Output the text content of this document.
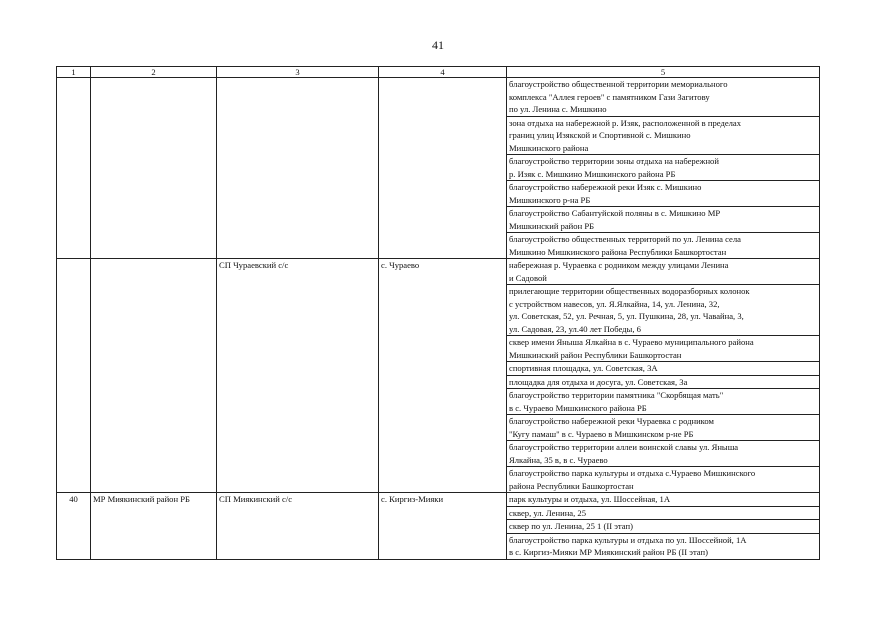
41
1	2	3	4	5

				благоустройство общественной территории мемориального
комплекса "Аллея героев" с памятником Гази Загитову
по ул. Ленина с. Мишкино

				зона отдыха на набережной р. Изяк, расположенной в пределах
границ улиц Изякской и Спортивной с. Мишкино
Мишкинского района

				благоустройство территории зоны отдыха на набережной
р. Изяк с. Мишкино Мишкинского района РБ

				благоустройство набережной реки Изяк с. Мишкино
Мишкинского р-на РБ

				благоустройство Сабантуйской поляны в с. Мишкино МР
Мишкинский район РБ

				благоустройство общественных территорий по ул. Ленина села
Мишкино Мишкинского района Республики Башкортостан

		СП Чураевский с/с	с. Чураево	набережная р. Чураевка с родником между улицами Ленина
и Садовой

				прилегающие территории общественных водоразборных колонок
с устройством навесов, ул. Я.Ялкайна, 14, ул. Ленина, 32,
ул. Советская, 52, ул. Речная, 5, ул. Пушкина, 28, ул. Чавайна, 3,
ул. Садовая, 23, ул.40 лет Победы, 6

				сквер имени Яныша Ялкайна в с. Чураево муниципального района
Мишкинский район Республики Башкортостан

				спортивная площадка, ул. Советская, 3А

				площадка для отдыха и досуга, ул. Советская, 3а

				благоустройство территории памятника "Скорбящая мать"
в с. Чураево Мишкинского района РБ

				благоустройство набережной реки Чураевка с родником
"Кугу памаш" в с. Чураево в Мишкинском р-не РБ

				благоустройство территории аллеи воинской славы ул. Яныша
Ялкайна, 35 в, в с. Чураево

				благоустройство парка культуры и отдыха с.Чураево Мишкинского
района Республики Башкортостан

40	МР Миякинский район РБ	СП Миякинский с/с	с. Киргиз-Мияки	парк культуры и отдыха, ул. Шоссейная, 1А

				сквер, ул. Ленина, 25

				сквер по ул. Ленина, 25 1 (II этап)

				благоустройство парка культуры и отдыха по ул. Шоссейной, 1А
в с. Киргиз-Мияки МР Миякинский район РБ (II этап)
